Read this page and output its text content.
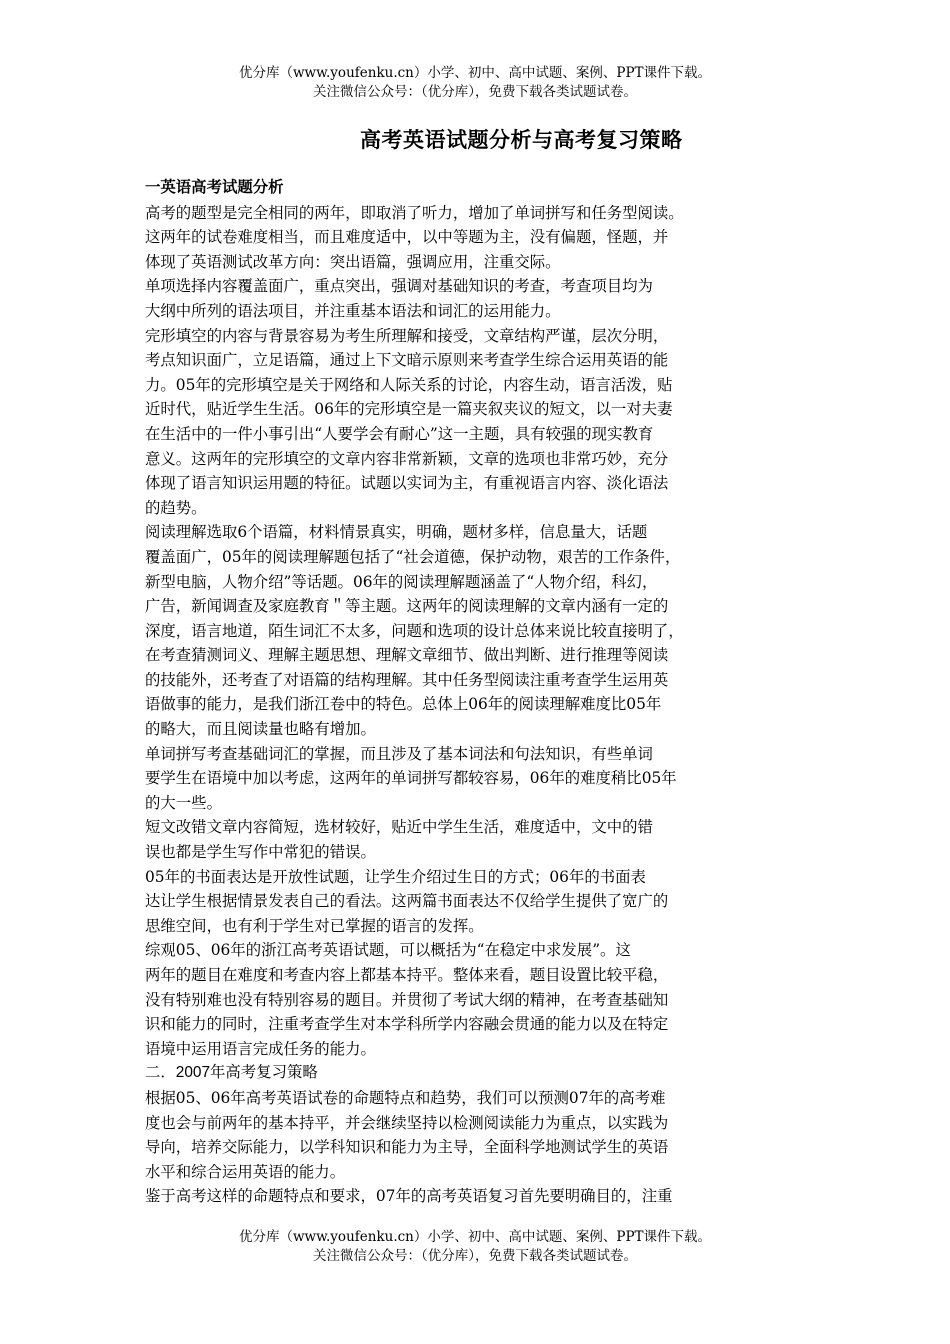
优分库（www.youfenku.cn）小学、初中、高中试题、案例、PPT课件下载。
关注微信公众号：（优分库），免费下载各类试题试卷。
高考英语试题分析与高考复习策略
一英语高考试题分析
高考的题型是完全相同的两年，即取消了听力，增加了单词拼写和任务型阅读。
这两年的试卷难度相当，而且难度适中，以中等题为主，没有偏题，怪题，并
体现了英语测试改革方向：突出语篇，强调应用，注重交际。
单项选择内容覆盖面广，重点突出，强调对基础知识的考查，考查项目均为
大纲中所列的语法项目，并注重基本语法和词汇的运用能力。
完形填空的内容与背景容易为考生所理解和接受，文章结构严谨，层次分明，
考点知识面广，立足语篇，通过上下文暗示原则来考查学生综合运用英语的能
力。05年的完形填空是关于网络和人际关系的讨论，内容生动，语言活泼，贴
近时代，贴近学生生活。06年的完形填空是一篇夹叙夹议的短文，以一对夫妻
在生活中的一件小事引出“人要学会有耐心”这一主题，具有较强的现实教育
意义。这两年的完形填空的文章内容非常新颖，文章的选项也非常巧妙，充分
体现了语言知识运用题的特征。试题以实词为主，有重视语言内容、淡化语法
的趋势。
阅读理解选取6个语篇，材料情景真实，明确，题材多样，信息量大，话题
覆盖面广，05年的阅读理解题包括了“社会道德，保护动物，艰苦的工作条件，
新型电脑，人物介绍”等话题。06年的阅读理解题涵盖了“人物介绍，科幻，
广告，新闻调查及家庭教育＂等主题。这两年的阅读理解的文章内涵有一定的
深度，语言地道，陌生词汇不太多，问题和选项的设计总体来说比较直接明了，
在考查猜测词义、理解主题思想、理解文章细节、做出判断、进行推理等阅读
的技能外，还考查了对语篇的结构理解。其中任务型阅读注重考查学生运用英
语做事的能力，是我们浙江卷中的特色。总体上06年的阅读理解难度比05年
的略大，而且阅读量也略有增加。
单词拼写考查基础词汇的掌握，而且涉及了基本词法和句法知识，有些单词
要学生在语境中加以考虑，这两年的单词拼写都较容易，06年的难度稍比05年
的大一些。
短文改错文章内容简短，选材较好，贴近中学生生活，难度适中，文中的错
误也都是学生写作中常犯的错误。
05年的书面表达是开放性试题，让学生介绍过生日的方式；06年的书面表
达让学生根据情景发表自己的看法。这两篇书面表达不仅给学生提供了宽广的
思维空间，也有利于学生对已掌握的语言的发挥。
综观05、06年的浙江高考英语试题，可以概括为“在稳定中求发展”。这
两年的题目在难度和考查内容上都基本持平。整体来看，题目设置比较平稳，
没有特别难也没有特别容易的题目。并贯彻了考试大纲的精神，在考查基础知
识和能力的同时，注重考查学生对本学科所学内容融会贯通的能力以及在特定
语境中运用语言完成任务的能力。
二．2007年高考复习策略
根据05、06年高考英语试卷的命题特点和趋势，我们可以预测07年的高考难
度也会与前两年的基本持平，并会继续坚持以检测阅读能力为重点，以实践为
导向，培养交际能力，以学科知识和能力为主导，全面科学地测试学生的英语
水平和综合运用英语的能力。
鉴于高考这样的命题特点和要求，07年的高考英语复习首先要明确目的，注重
优分库（www.youfenku.cn）小学、初中、高中试题、案例、PPT课件下载。
关注微信公众号：（优分库），免费下载各类试题试卷。
